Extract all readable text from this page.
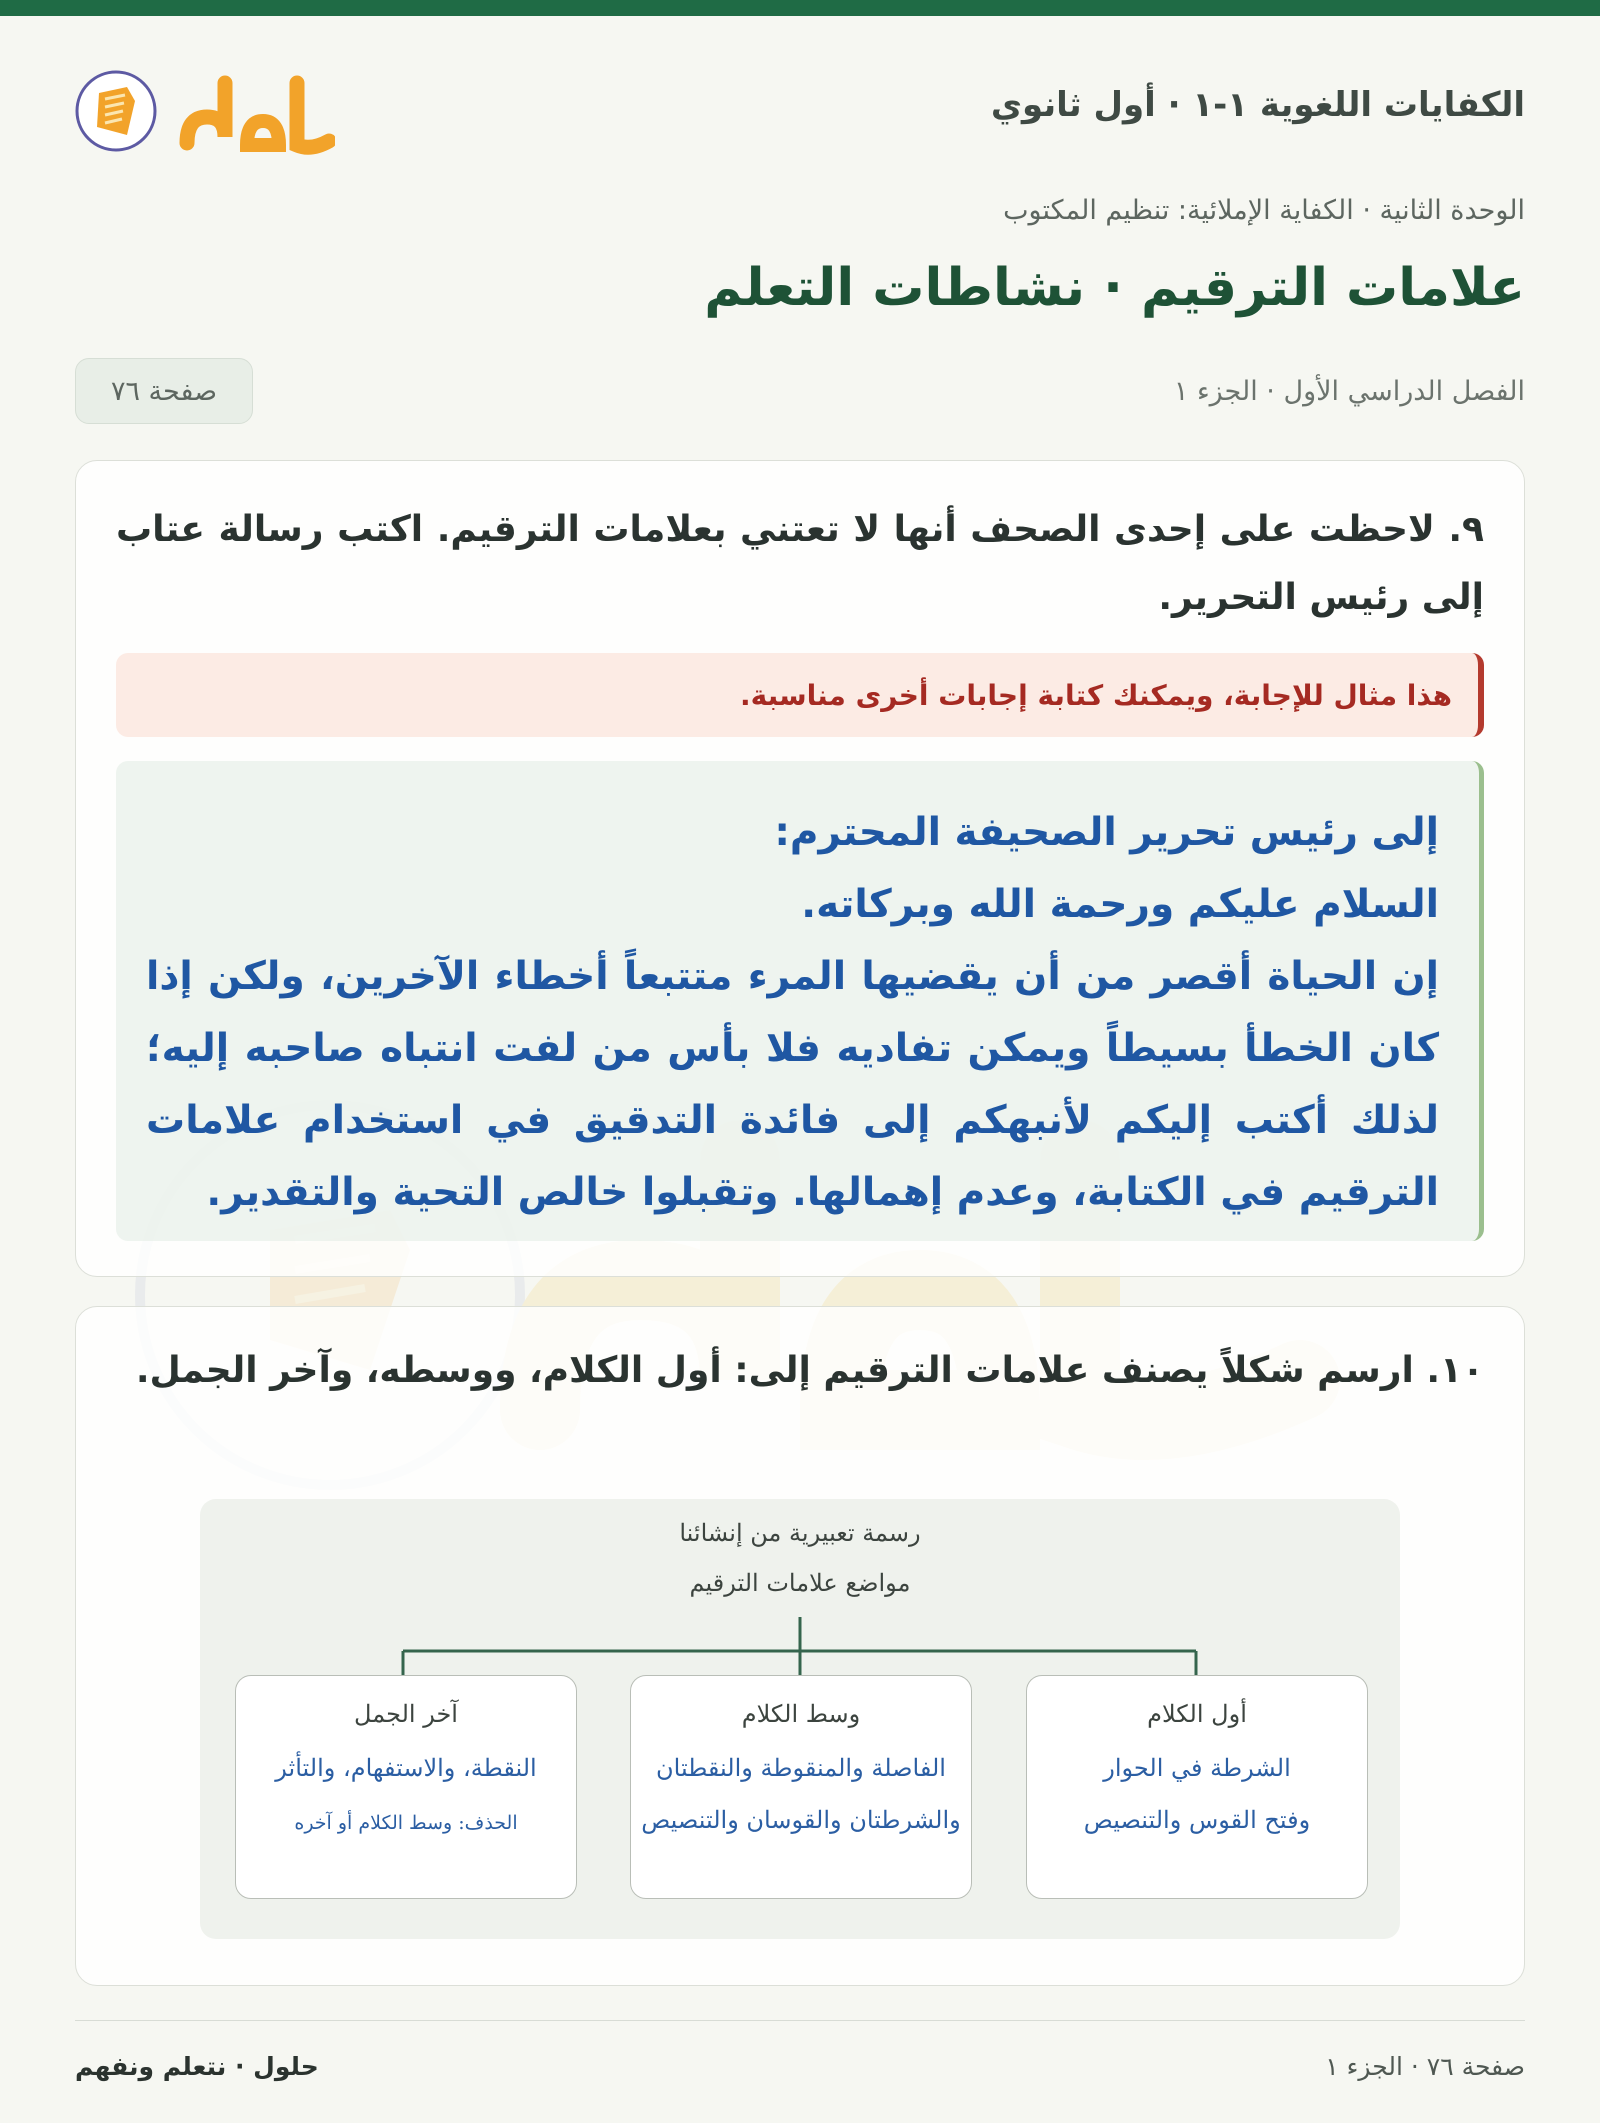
الكفايات اللغوية ١-١ · أول ثانوي
الوحدة الثانية · الكفاية الإملائية: تنظيم المكتوب
علامات الترقيم · نشاطات التعلم
الفصل الدراسي الأول · الجزء ١
صفحة ٧٦
٩. لاحظت على إحدى الصحف أنها لا تعتني بعلامات الترقيم. اكتب رسالة عتاب إلى رئيس التحرير.
هذا مثال للإجابة، ويمكنك كتابة إجابات أخرى مناسبة.
إلى رئيس تحرير الصحيفة المحترم:
السلام عليكم ورحمة الله وبركاته.
إن الحياة أقصر من أن يقضيها المرء متتبعاً أخطاء الآخرين، ولكن إذا كان الخطأ بسيطاً ويمكن تفاديه فلا بأس من لفت انتباه صاحبه إليه؛ لذلك أكتب إليكم لأنبهكم إلى فائدة التدقيق في استخدام علامات الترقيم في الكتابة، وعدم إهمالها. وتقبلوا خالص التحية والتقدير.
١٠. ارسم شكلاً يصنف علامات الترقيم إلى: أول الكلام، ووسطه، وآخر الجمل.
رسمة تعبيرية من إنشائنا
مواضع علامات الترقيم
أول الكلام
الشرطة في الحوار
وفتح القوس والتنصيص
وسط الكلام
الفاصلة والمنقوطة والنقطتان
والشرطتان والقوسان والتنصيص
آخر الجمل
النقطة، والاستفهام، والتأثر
الحذف: وسط الكلام أو آخره
صفحة ٧٦ · الجزء ١
حلول · نتعلم ونفهم
